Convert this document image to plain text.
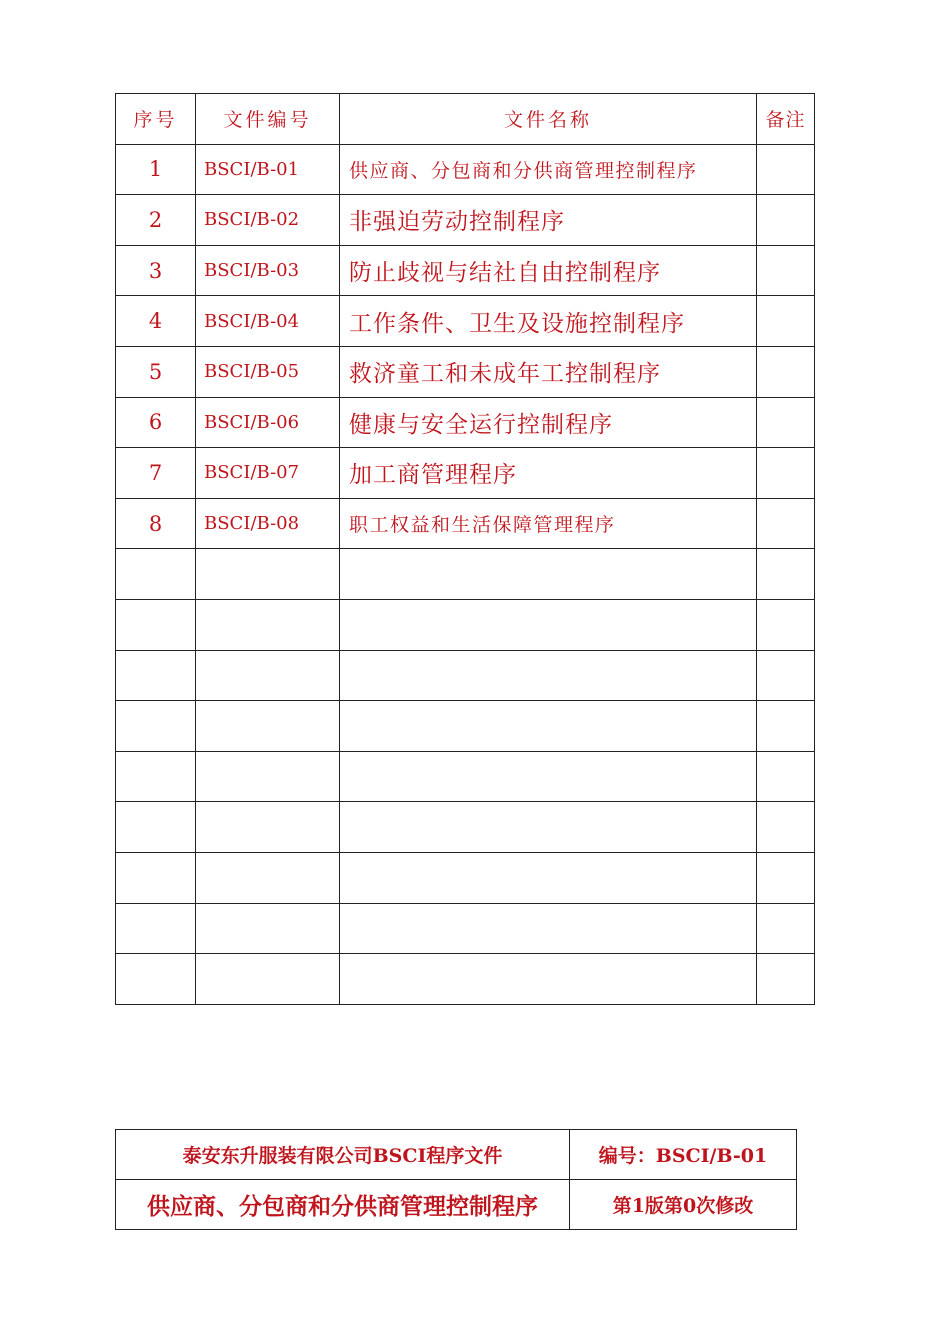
序号	文件编号	文件名称	备注
1	BSCI/B-01	供应商、分包商和分供商管理控制程序	
2	BSCI/B-02	非强迫劳动控制程序	
3	BSCI/B-03	防止歧视与结社自由控制程序	
4	BSCI/B-04	工作条件、卫生及设施控制程序	
5	BSCI/B-05	救济童工和未成年工控制程序	
6	BSCI/B-06	健康与安全运行控制程序	
7	BSCI/B-07	加工商管理程序	
8	BSCI/B-08	职工权益和生活保障管理程序	

泰安东升服装有限公司BSCI程序文件	编号：BSCI/B-01
供应商、分包商和分供商管理控制程序	第1版第0次修改
